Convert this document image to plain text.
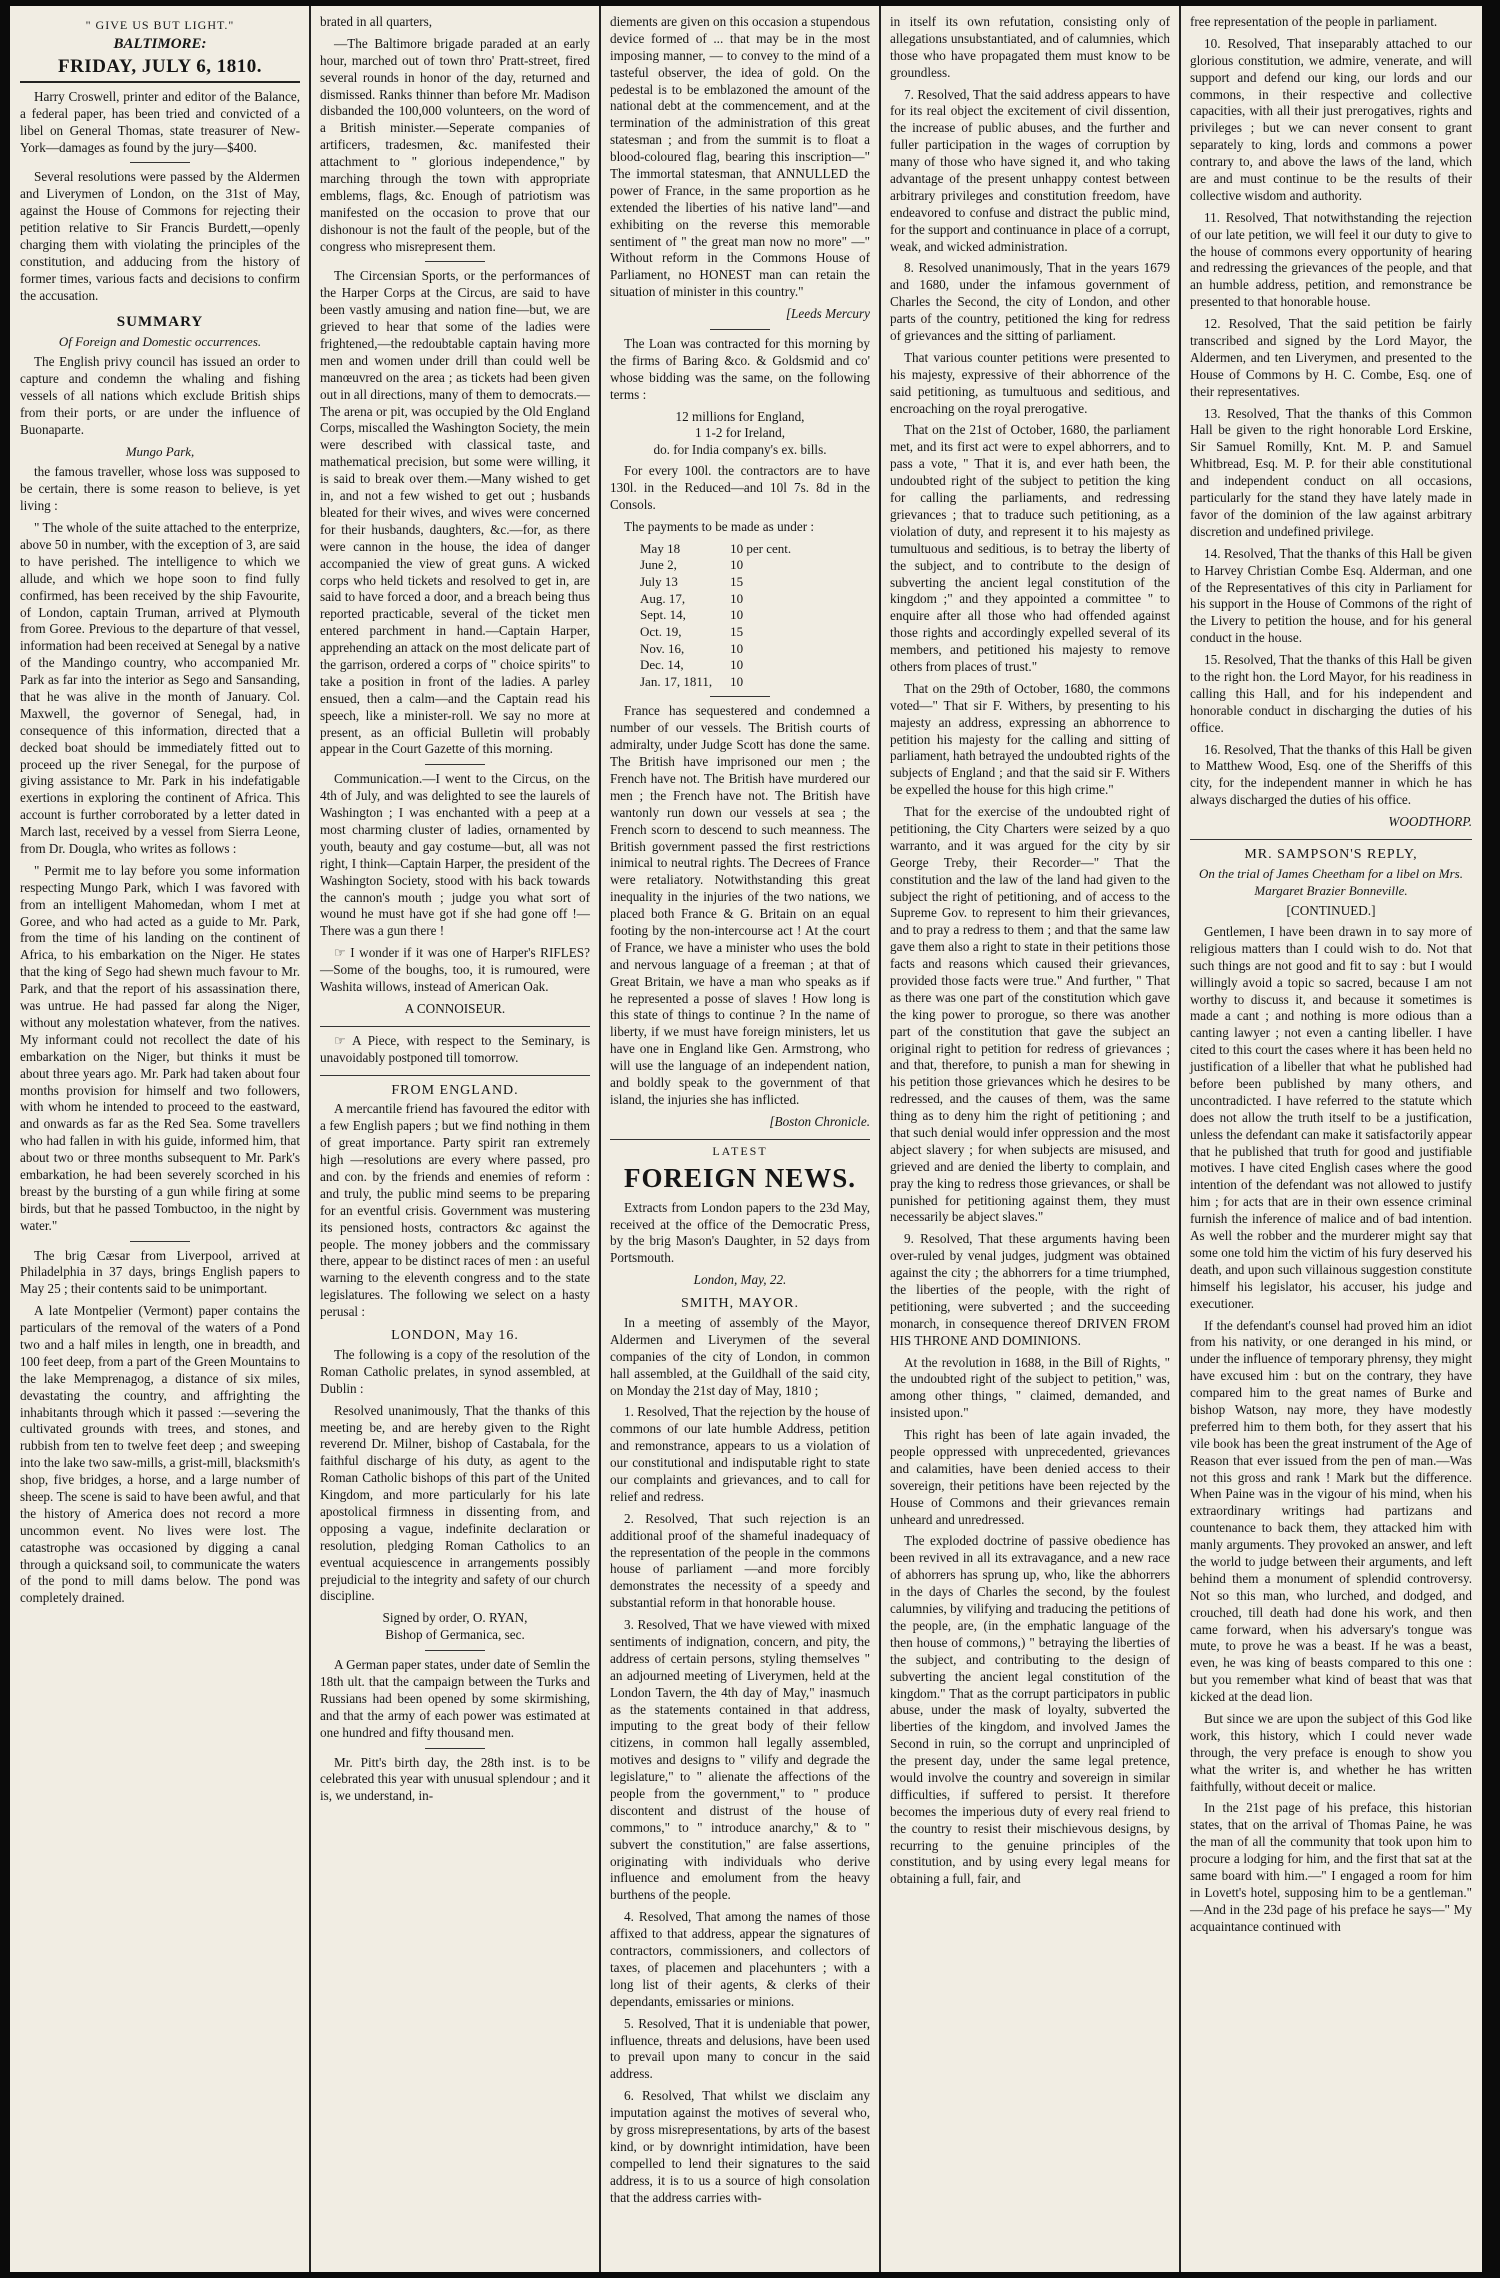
" GIVE US BUT LIGHT."
BALTIMORE:
FRIDAY, JULY 6, 1810.

Harry Croswell, printer and editor of the Balance, a federal paper, has been tried and convicted of a libel on General Thomas, state treasurer of New-York—damages as found by the jury—$400.

Several resolutions were passed by the Aldermen and Liverymen of London, on the 31st of May, against the House of Commons for rejecting their petition relative to Sir Francis Burdett,—openly charging them with violating the principles of the constitution, and adducing from the history of former times, various facts and decisions to confirm the accusation.

SUMMARY
Of Foreign and Domestic occurrences.

The English privy council has issued an order to capture and condemn the whaling and fishing vessels of all nations which exclude British ships from their ports, or are under the influence of Buonaparte.

Mungo Park,

the famous traveller, whose loss was supposed to be certain, there is some reason to believe, is yet living :

" The whole of the suite attached to the enterprize, above 50 in number, with the exception of 3, are said to have perished. The intelligence to which we allude, and which we hope soon to find fully confirmed, has been received by the ship Favourite, of London, captain Truman, arrived at Plymouth from Goree. Previous to the departure of that vessel, information had been received at Senegal by a native of the Mandingo country, who accompanied Mr. Park as far into the interior as Sego and Sansanding, that he was alive in the month of January. Col. Maxwell, the governor of Senegal, had, in consequence of this information, directed that a decked boat should be immediately fitted out to proceed up the river Senegal, for the purpose of giving assistance to Mr. Park in his indefatigable exertions in exploring the continent of Africa. This account is further corroborated by a letter dated in March last, received by a vessel from Sierra Leone, from Dr. Dougla, who writes as follows :

" Permit me to lay before you some information respecting Mungo Park, which I was favored with from an intelligent Mahomedan, whom I met at Goree, and who had acted as a guide to Mr. Park, from the time of his landing on the continent of Africa, to his embarkation on the Niger. He states that the king of Sego had shewn much favour to Mr. Park, and that the report of his assassination there, was untrue. He had passed far along the Niger, without any molestation whatever, from the natives. My informant could not recollect the date of his embarkation on the Niger, but thinks it must be about three years ago. Mr. Park had taken about four months provision for himself and two followers, with whom he intended to proceed to the eastward, and onwards as far as the Red Sea. Some travellers who had fallen in with his guide, informed him, that about two or three months subsequent to Mr. Park's embarkation, he had been severely scorched in his breast by the bursting of a gun while firing at some birds, but that he passed Tombuctoo, in the night by water."

The brig Cæsar from Liverpool, arrived at Philadelphia in 37 days, brings English papers to May 25 ; their contents said to be unimportant.

A late Montpelier (Vermont) paper contains the particulars of the removal of the waters of a Pond two and a half miles in length, one in breadth, and 100 feet deep, from a part of the Green Mountains to the lake Memprenagog, a distance of six miles, devastating the country, and affrighting the inhabitants through which it passed :—severing the cultivated grounds with trees, and stones, and rubbish from ten to twelve feet deep ; and sweeping into the lake two saw-mills, a grist-mill, blacksmith's shop, five bridges, a horse, and a large number of sheep. The scene is said to have been awful, and that the history of America does not record a more uncommon event. No lives were lost. The catastrophe was occasioned by digging a canal through a quicksand soil, to communicate the waters of the pond to mill dams below. The pond was completely drained.

brated in all quarters,

—The Baltimore brigade paraded at an early hour, marched out of town thro' Pratt-street, fired several rounds in honor of the day, returned and dismissed. Ranks thinner than before Mr. Madison disbanded the 100,000 volunteers, on the word of a British minister.—Seperate companies of artificers, tradesmen, &c. manifested their attachment to " glorious independence," by marching through the town with appropriate emblems, flags, &c. Enough of patriotism was manifested on the occasion to prove that our dishonour is not the fault of the people, but of the congress who misrepresent them.

The Circensian Sports, or the performances of the Harper Corps at the Circus, are said to have been vastly amusing and nation fine—but, we are grieved to hear that some of the ladies were frightened,—the redoubtable captain having more men and women under drill than could well be manœuvred on the area ; as tickets had been given out in all directions, many of them to democrats.—The arena or pit, was occupied by the Old England Corps, miscalled the Washington Society, the mein were described with classical taste, and mathematical precision, but some were willing, it is said to break over them.—Many wished to get in, and not a few wished to get out ; husbands bleated for their wives, and wives were concerned for their husbands, daughters, &c.—for, as there were cannon in the house, the idea of danger accompanied the view of great guns. A wicked corps who held tickets and resolved to get in, are said to have forced a door, and a breach being thus reported practicable, several of the ticket men entered parchment in hand.—Captain Harper, apprehending an attack on the most delicate part of the garrison, ordered a corps of " choice spirits" to take a position in front of the ladies. A parley ensued, then a calm—and the Captain read his speech, like a minister-roll. We say no more at present, as an official Bulletin will probably appear in the Court Gazette of this morning.

Communication.—I went to the Circus, on the 4th of July, and was delighted to see the laurels of Washington ; I was enchanted with a peep at a most charming cluster of ladies, ornamented by youth, beauty and gay costume—but, all was not right, I think—Captain Harper, the president of the Washington Society, stood with his back towards the cannon's mouth ; judge you what sort of wound he must have got if she had gone off !—There was a gun there !

☞ I wonder if it was one of Harper's RIFLES?—Some of the boughs, too, it is rumoured, were Washita willows, instead of American Oak.

A CONNOISEUR.

☞ A Piece, with respect to the Seminary, is unavoidably postponed till tomorrow.

FROM ENGLAND.

A mercantile friend has favoured the editor with a few English papers ; but we find nothing in them of great importance. Party spirit ran extremely high —resolutions are every where passed, pro and con. by the friends and enemies of reform : and truly, the public mind seems to be preparing for an eventful crisis. Government was mustering its pensioned hosts, contractors &c against the people. The money jobbers and the commissary there, appear to be distinct races of men : an useful warning to the eleventh congress and to the state legislatures. The following we select on a hasty perusal :

LONDON, May 16.

The following is a copy of the resolution of the Roman Catholic prelates, in synod assembled, at Dublin :

Resolved unanimously, That the thanks of this meeting be, and are hereby given to the Right reverend Dr. Milner, bishop of Castabala, for the faithful discharge of his duty, as agent to the Roman Catholic bishops of this part of the United Kingdom, and more particularly for his late apostolical firmness in dissenting from, and opposing a vague, indefinite declaration or resolution, pledging Roman Catholics to an eventual acquiescence in arrangements possibly prejudicial to the integrity and safety of our church discipline.

Signed by order, O. RYAN,
Bishop of Germanica, sec.

A German paper states, under date of Semlin the 18th ult. that the campaign between the Turks and Russians had been opened by some skirmishing, and that the army of each power was estimated at one hundred and fifty thousand men.

Mr. Pitt's birth day, the 28th inst. is to be celebrated this year with unusual splendour ; and it is, we understand, in-

diements are given on this occasion a stupendous device formed of ... that may be in the most imposing manner, — to convey to the mind of a tasteful observer, the idea of gold. On the pedestal is to be emblazoned the amount of the national debt at the commencement, and at the termination of the administration of this great statesman ; and from the summit is to float a blood-coloured flag, bearing this inscription—" The immortal statesman, that ANNULLED the power of France, in the same proportion as he extended the liberties of his native land"—and exhibiting on the reverse this memorable sentiment of " the great man now no more" —" Without reform in the Commons House of Parliament, no HONEST man can retain the situation of minister in this country."

[Leeds Mercury

The Loan was contracted for this morning by the firms of Baring &co. & Goldsmid and co' whose bidding was the same, on the following terms :

12 millions for England,
1 1-2 for Ireland,
do. for India company's ex. bills.

For every 100l. the contractors are to have 130l. in the Reduced—and 10l 7s. 8d in the Consols.

The payments to be made as under :

May 18	10 per cent.
June 2,	10
July 13	15
Aug. 17,	10
Sept. 14,	10
Oct. 19,	15
Nov. 16,	10
Dec. 14,	10
Jan. 17, 1811,	10

France has sequestered and condemned a number of our vessels. The British courts of admiralty, under Judge Scott has done the same. The British have imprisoned our men ; the French have not. The British have murdered our men ; the French have not. The British have wantonly run down our vessels at sea ; the French scorn to descend to such meanness. The British government passed the first restrictions inimical to neutral rights. The Decrees of France were retaliatory. Notwithstanding this great inequality in the injuries of the two nations, we placed both France & G. Britain on an equal footing by the non-intercourse act ! At the court of France, we have a minister who uses the bold and nervous language of a freeman ; at that of Great Britain, we have a man who speaks as if he represented a posse of slaves ! How long is this state of things to continue ? In the name of liberty, if we must have foreign ministers, let us have one in England like Gen. Armstrong, who will use the language of an independent nation, and boldly speak to the government of that island, the injuries she has inflicted.

[Boston Chronicle.
LATEST
FOREIGN NEWS.

Extracts from London papers to the 23d May, received at the office of the Democratic Press, by the brig Mason's Daughter, in 52 days from Portsmouth.

London, May, 22.
SMITH, MAYOR.

In a meeting of assembly of the Mayor, Aldermen and Liverymen of the several companies of the city of London, in common hall assembled, at the Guildhall of the said city, on Monday the 21st day of May, 1810 ;

1. Resolved, That the rejection by the house of commons of our late humble Address, petition and remonstrance, appears to us a violation of our constitutional and indisputable right to state our complaints and grievances, and to call for relief and redress.

2. Resolved, That such rejection is an additional proof of the shameful inadequacy of the representation of the people in the commons house of parliament —and more forcibly demonstrates the necessity of a speedy and substantial reform in that honorable house.

3. Resolved, That we have viewed with mixed sentiments of indignation, concern, and pity, the address of certain persons, styling themselves " an adjourned meeting of Liverymen, held at the London Tavern, the 4th day of May," inasmuch as the statements contained in that address, imputing to the great body of their fellow citizens, in common hall legally assembled, motives and designs to " vilify and degrade the legislature," to " alienate the affections of the people from the government," to " produce discontent and distrust of the house of commons," to " introduce anarchy," & to " subvert the constitution," are false assertions, originating with individuals who derive influence and emolument from the heavy burthens of the people.

4. Resolved, That among the names of those affixed to that address, appear the signatures of contractors, commissioners, and collectors of taxes, of placemen and placehunters ; with a long list of their agents, & clerks of their dependants, emissaries or minions.

5. Resolved, That it is undeniable that power, influence, threats and delusions, have been used to prevail upon many to concur in the said address.

6. Resolved, That whilst we disclaim any imputation against the motives of several who, by gross misrepresentations, by arts of the basest kind, or by downright intimidation, have been compelled to lend their signatures to the said address, it is to us a source of high consolation that the address carries with-

in itself its own refutation, consisting only of allegations unsubstantiated, and of calumnies, which those who have propagated them must know to be groundless.

7. Resolved, That the said address appears to have for its real object the excitement of civil dissention, the increase of public abuses, and the further and fuller participation in the wages of corruption by many of those who have signed it, and who taking advantage of the present unhappy contest between arbitrary privileges and constitution freedom, have endeavored to confuse and distract the public mind, for the support and continuance in place of a corrupt, weak, and wicked administration.

8. Resolved unanimously, That in the years 1679 and 1680, under the infamous government of Charles the Second, the city of London, and other parts of the country, petitioned the king for redress of grievances and the sitting of parliament.

That various counter petitions were presented to his majesty, expressive of their abhorrence of the said petitioning, as tumultuous and seditious, and encroaching on the royal prerogative.

That on the 21st of October, 1680, the parliament met, and its first act were to expel abhorrers, and to pass a vote, " That it is, and ever hath been, the undoubted right of the subject to petition the king for calling the parliaments, and redressing grievances ; that to traduce such petitioning, as a violation of duty, and represent it to his majesty as tumultuous and seditious, is to betray the liberty of the subject, and to contribute to the design of subverting the ancient legal constitution of the kingdom ;" and they appointed a committee " to enquire after all those who had offended against those rights and accordingly expelled several of its members, and petitioned his majesty to remove others from places of trust."

That on the 29th of October, 1680, the commons voted—" That sir F. Withers, by presenting to his majesty an address, expressing an abhorrence to petition his majesty for the calling and sitting of parliament, hath betrayed the undoubted rights of the subjects of England ; and that the said sir F. Withers be expelled the house for this high crime."

That for the exercise of the undoubted right of petitioning, the City Charters were seized by a quo warranto, and it was argued for the city by sir George Treby, their Recorder—" That the constitution and the law of the land had given to the subject the right of petitioning, and of access to the Supreme Gov. to represent to him their grievances, and to pray a redress to them ; and that the same law gave them also a right to state in their petitions those facts and reasons which caused their grievances, provided those facts were true." And further, " That as there was one part of the constitution which gave the king power to prorogue, so there was another part of the constitution that gave the subject an original right to petition for redress of grievances ; and that, therefore, to punish a man for shewing in his petition those grievances which he desires to be redressed, and the causes of them, was the same thing as to deny him the right of petitioning ; and that such denial would infer oppression and the most abject slavery ; for when subjects are misused, and grieved and are denied the liberty to complain, and pray the king to redress those grievances, or shall be punished for petitioning against them, they must necessarily be abject slaves."

9. Resolved, That these arguments having been over-ruled by venal judges, judgment was obtained against the city ; the abhorrers for a time triumphed, the liberties of the people, with the right of petitioning, were subverted ; and the succeeding monarch, in consequence thereof DRIVEN FROM HIS THRONE AND DOMINIONS.

At the revolution in 1688, in the Bill of Rights, " the undoubted right of the subject to petition," was, among other things, " claimed, demanded, and insisted upon."

This right has been of late again invaded, the people oppressed with unprecedented, grievances and calamities, have been denied access to their sovereign, their petitions have been rejected by the House of Commons and their grievances remain unheard and unredressed.

The exploded doctrine of passive obedience has been revived in all its extravagance, and a new race of abhorrers has sprung up, who, like the abhorrers in the days of Charles the second, by the foulest calumnies, by vilifying and traducing the petitions of the people, are, (in the emphatic language of the then house of commons,) " betraying the liberties of the subject, and contributing to the design of subverting the ancient legal constitution of the kingdom." That as the corrupt participators in public abuse, under the mask of loyalty, subverted the liberties of the kingdom, and involved James the Second in ruin, so the corrupt and unprincipled of the present day, under the same legal pretence, would involve the country and sovereign in similar difficulties, if suffered to persist. It therefore becomes the imperious duty of every real friend to the country to resist their mischievous designs, by recurring to the genuine principles of the constitution, and by using every legal means for obtaining a full, fair, and

free representation of the people in parliament.

10. Resolved, That inseparably attached to our glorious constitution, we admire, venerate, and will support and defend our king, our lords and our commons, in their respective and collective capacities, with all their just prerogatives, rights and privileges ; but we can never consent to grant separately to king, lords and commons a power contrary to, and above the laws of the land, which are and must continue to be the results of their collective wisdom and authority.

11. Resolved, That notwithstanding the rejection of our late petition, we will feel it our duty to give to the house of commons every opportunity of hearing and redressing the grievances of the people, and that an humble address, petition, and remonstrance be presented to that honorable house.

12. Resolved, That the said petition be fairly transcribed and signed by the Lord Mayor, the Aldermen, and ten Liverymen, and presented to the House of Commons by H. C. Combe, Esq. one of their representatives.

13. Resolved, That the thanks of this Common Hall be given to the right honorable Lord Erskine, Sir Samuel Romilly, Knt. M. P. and Samuel Whitbread, Esq. M. P. for their able constitutional and independent conduct on all occasions, particularly for the stand they have lately made in favor of the dominion of the law against arbitrary discretion and undefined privilege.

14. Resolved, That the thanks of this Hall be given to Harvey Christian Combe Esq. Alderman, and one of the Representatives of this city in Parliament for his support in the House of Commons of the right of the Livery to petition the house, and for his general conduct in the house.

15. Resolved, That the thanks of this Hall be given to the right hon. the Lord Mayor, for his readiness in calling this Hall, and for his independent and honorable conduct in discharging the duties of his office.

16. Resolved, That the thanks of this Hall be given to Matthew Wood, Esq. one of the Sheriffs of this city, for the independent manner in which he has always discharged the duties of his office.

WOODTHORP.
MR. SAMPSON'S REPLY,
On the trial of James Cheetham for a libel on Mrs. Margaret Brazier Bonneville.
[CONTINUED.]

Gentlemen, I have been drawn in to say more of religious matters than I could wish to do. Not that such things are not good and fit to say : but I would willingly avoid a topic so sacred, because I am not worthy to discuss it, and because it sometimes is made a cant ; and nothing is more odious than a canting lawyer ; not even a canting libeller. I have cited to this court the cases where it has been held no justification of a libeller that what he published had before been published by many others, and uncontradicted. I have referred to the statute which does not allow the truth itself to be a justification, unless the defendant can make it satisfactorily appear that he published that truth for good and justifiable motives. I have cited English cases where the good intention of the defendant was not allowed to justify him ; for acts that are in their own essence criminal furnish the inference of malice and of bad intention. As well the robber and the murderer might say that some one told him the victim of his fury deserved his death, and upon such villainous suggestion constitute himself his legislator, his accuser, his judge and executioner.

If the defendant's counsel had proved him an idiot from his nativity, or one deranged in his mind, or under the influence of temporary phrensy, they might have excused him : but on the contrary, they have compared him to the great names of Burke and bishop Watson, nay more, they have modestly preferred him to them both, for they assert that his vile book has been the great instrument of the Age of Reason that ever issued from the pen of man.—Was not this gross and rank ! Mark but the difference. When Paine was in the vigour of his mind, when his extraordinary writings had partizans and countenance to back them, they attacked him with manly arguments. They provoked an answer, and left the world to judge between their arguments, and left behind them a monument of splendid controversy. Not so this man, who lurched, and dodged, and crouched, till death had done his work, and then came forward, when his adversary's tongue was mute, to prove he was a beast. If he was a beast, even, he was king of beasts compared to this one : but you remember what kind of beast that was that kicked at the dead lion.

But since we are upon the subject of this God like work, this history, which I could never wade through, the very preface is enough to show you what the writer is, and whether he has written faithfully, without deceit or malice.

In the 21st page of his preface, this historian states, that on the arrival of Thomas Paine, he was the man of all the community that took upon him to procure a lodging for him, and the first that sat at the same board with him.—" I engaged a room for him in Lovett's hotel, supposing him to be a gentleman." —And in the 23d page of his preface he says—" My acquaintance continued with
